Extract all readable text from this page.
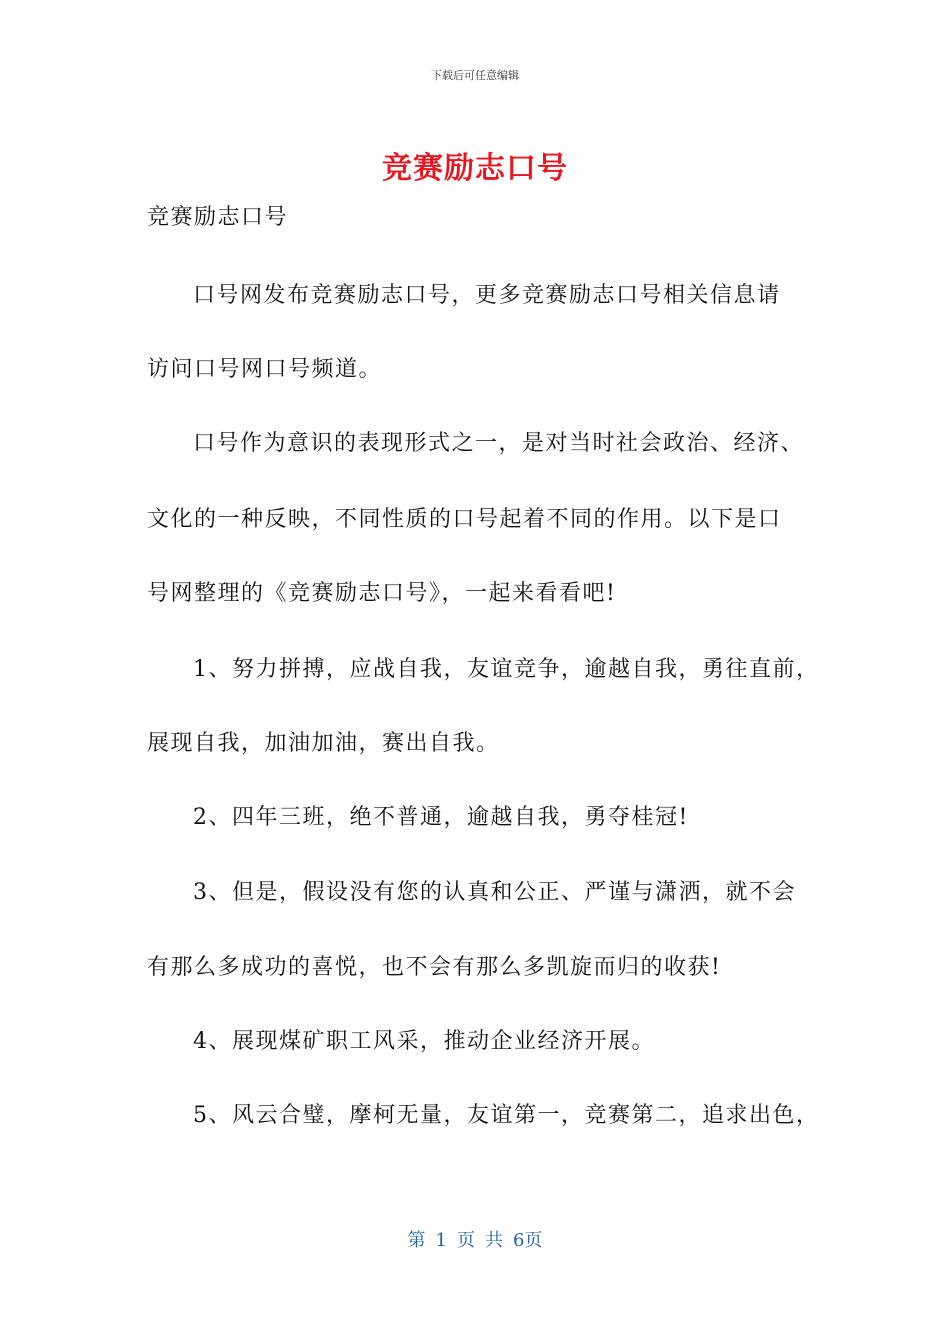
下载后可任意编辑
竞赛励志口号
竞赛励志口号
口号网发布竞赛励志口号，更多竞赛励志口号相关信息请
访问口号网口号频道。
口号作为意识的表现形式之一，是对当时社会政治、经济、
文化的一种反映，不同性质的口号起着不同的作用。以下是口
号网整理的《竞赛励志口号》，一起来看看吧!
1、努力拼搏，应战自我，友谊竞争，逾越自我，勇往直前，
展现自我，加油加油，赛出自我。
2、四年三班，绝不普通，逾越自我，勇夺桂冠!
3、但是，假设没有您的认真和公正、严谨与潇洒，就不会
有那么多成功的喜悦，也不会有那么多凯旋而归的收获!
4、展现煤矿职工风采，推动企业经济开展。
5、风云合璧，摩柯无量，友谊第一，竞赛第二，追求出色，
第 1 页 共 6页
